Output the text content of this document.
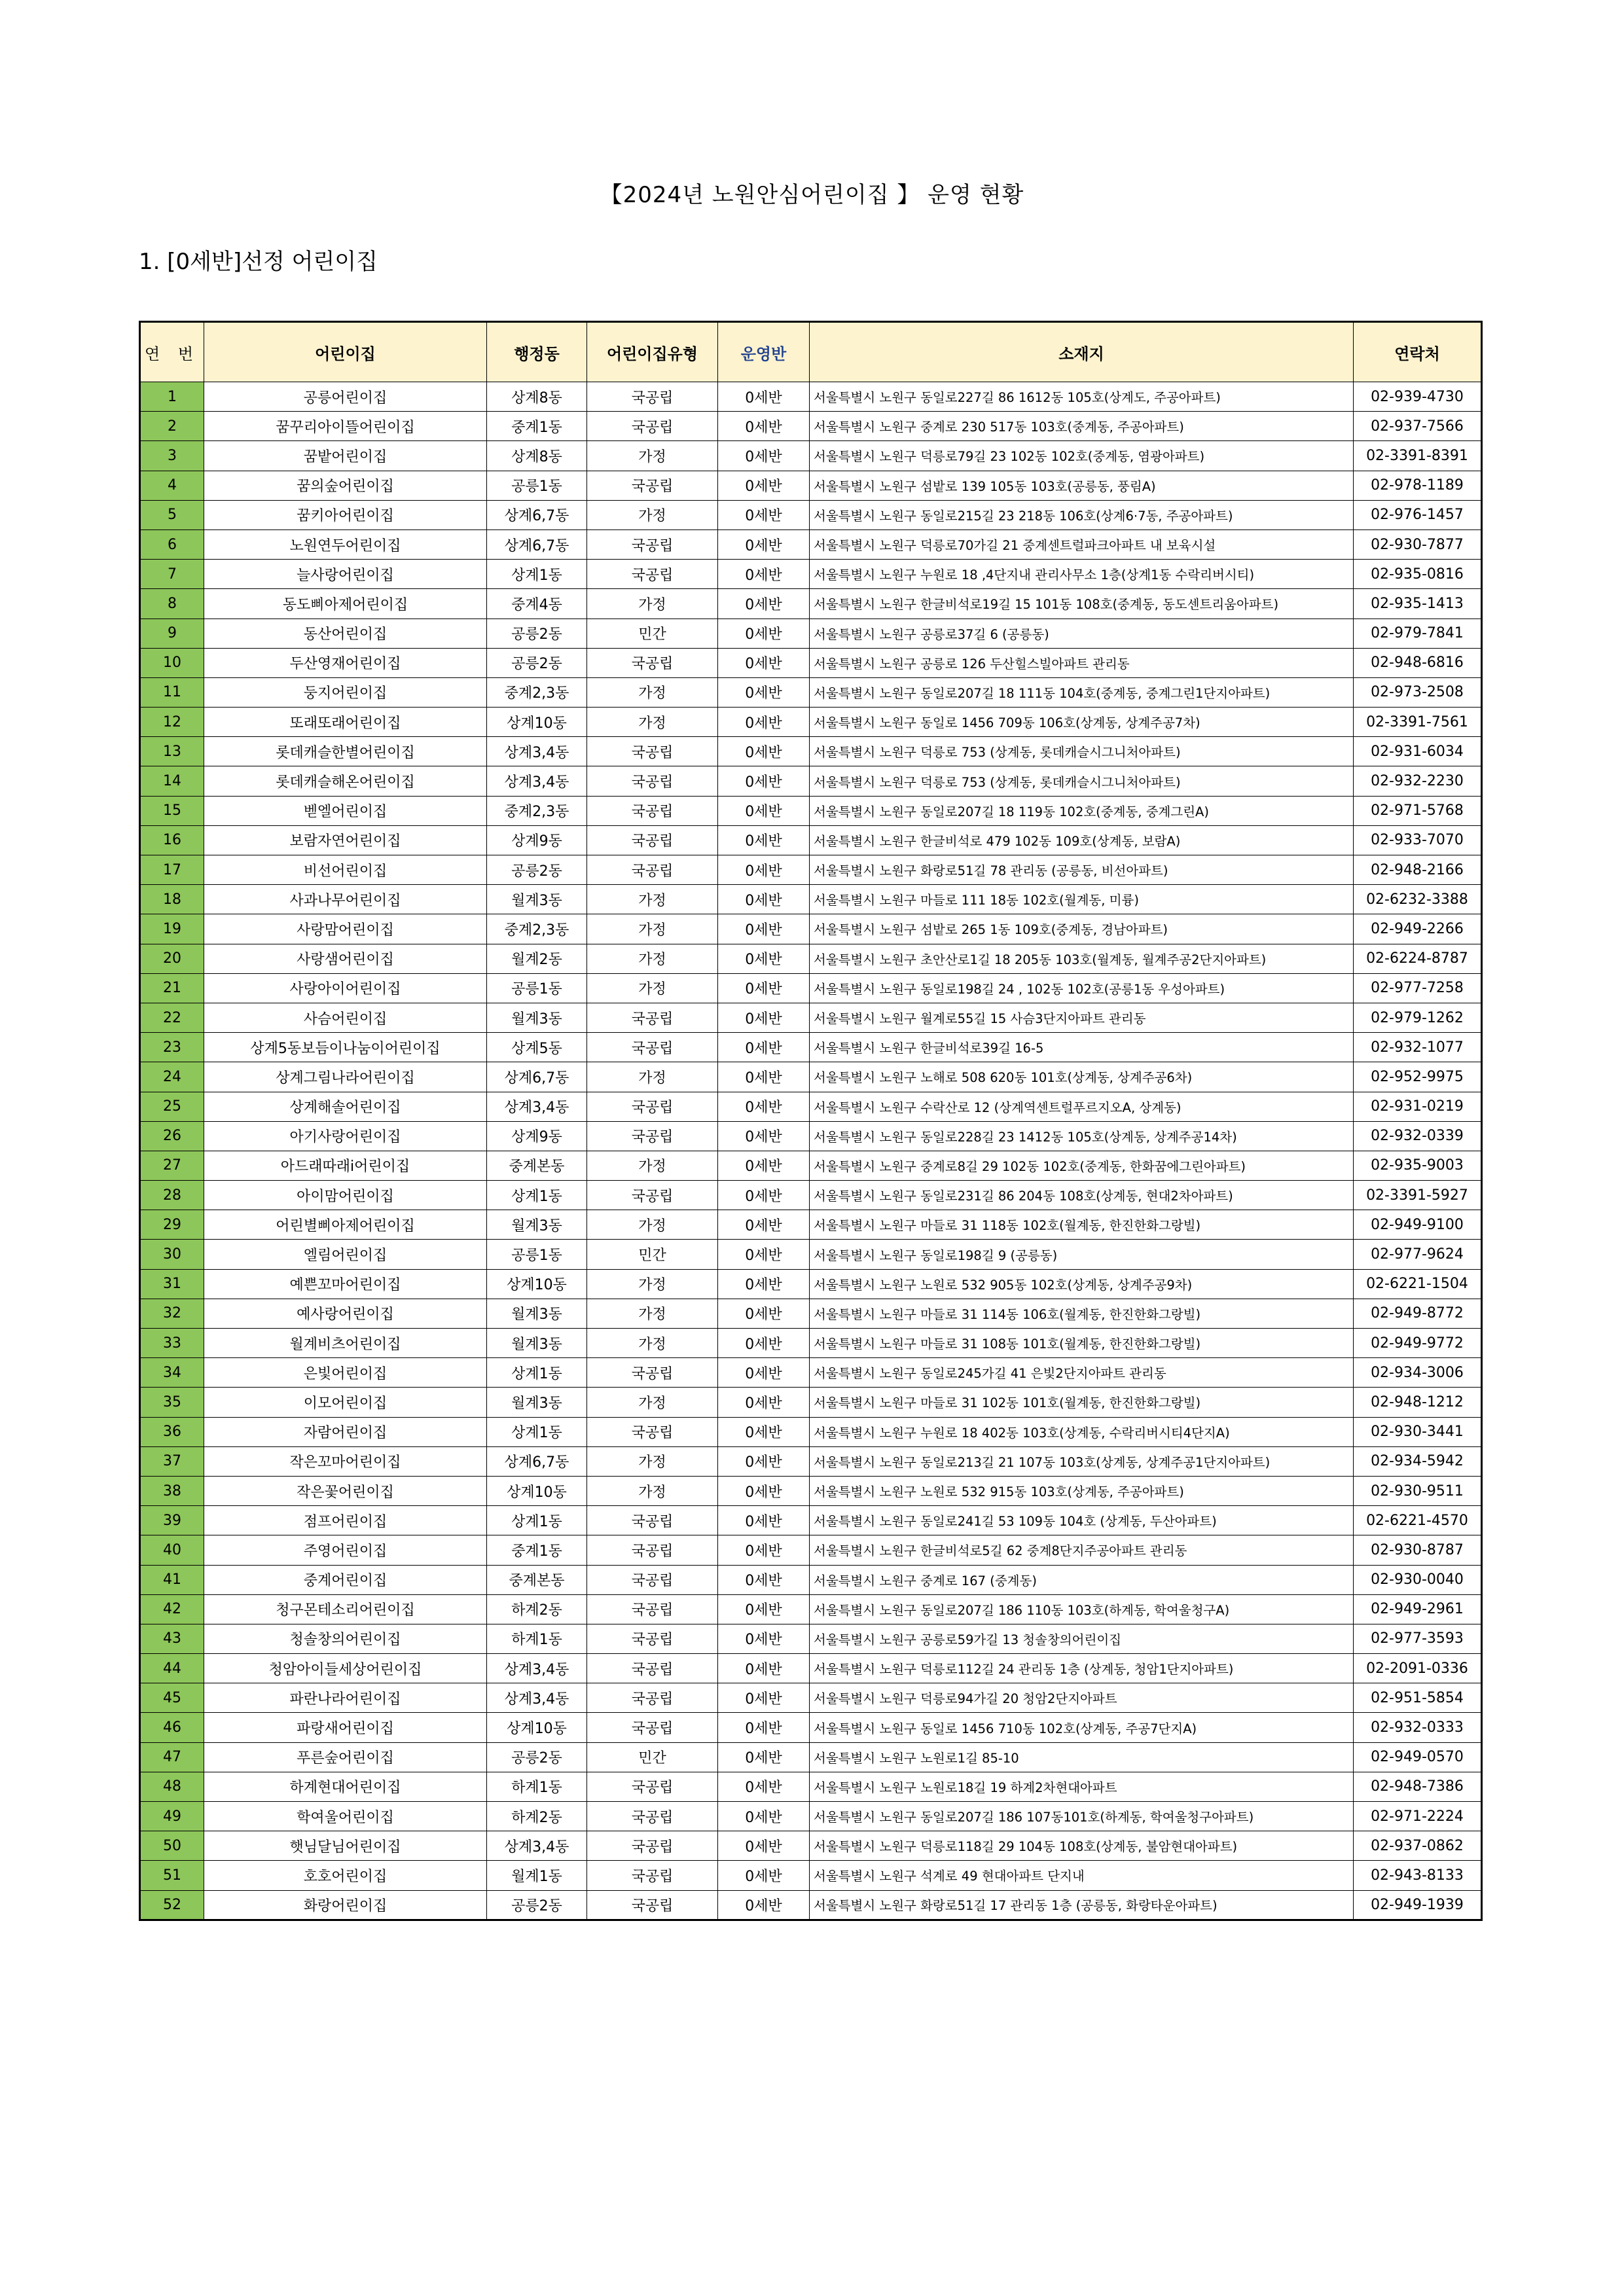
【2024년 노원안심어린이집 】 운영 현황
1. [0세반]선정 어린이집
연 번	어린이집	행정동	어린이집유형	운영반	소재지	연락처
1	공릉어린이집	상계8동	국공립	0세반	서울특별시 노원구 동일로227길 86 1612동 105호(상계도, 주공아파트)	02-939-4730
2	꿈꾸리아이뜰어린이집	중계1동	국공립	0세반	서울특별시 노원구 중계로 230 517동 103호(중계동, 주공아파트)	02-937-7566
3	꿈밭어린이집	상계8동	가정	0세반	서울특별시 노원구 덕릉로79길 23 102동 102호(중계동, 염광아파트)	02-3391-8391
4	꿈의숲어린이집	공릉1동	국공립	0세반	서울특별시 노원구 섬밭로 139 105동 103호(공릉동, 풍림A)	02-978-1189
5	꿈키아어린이집	상계6,7동	가정	0세반	서울특별시 노원구 동일로215길 23 218동 106호(상계6·7동, 주공아파트)	02-976-1457
6	노원연두어린이집	상계6,7동	국공립	0세반	서울특별시 노원구 덕릉로70가길 21 중계센트럴파크아파트 내 보육시설	02-930-7877
7	늘사랑어린이집	상계1동	국공립	0세반	서울특별시 노원구 누원로 18 ,4단지내 관리사무소 1층(상계1동 수락리버시티)	02-935-0816
8	동도삐아제어린이집	중계4동	가정	0세반	서울특별시 노원구 한글비석로19길 15 101동 108호(중계동, 동도센트리움아파트)	02-935-1413
9	동산어린이집	공릉2동	민간	0세반	서울특별시 노원구 공릉로37길 6 (공릉동)	02-979-7841
10	두산영재어린이집	공릉2동	국공립	0세반	서울특별시 노원구 공릉로 126 두산힐스빌아파트 관리동	02-948-6816
11	둥지어린이집	중계2,3동	가정	0세반	서울특별시 노원구 동일로207길 18 111동 104호(중계동, 중계그린1단지아파트)	02-973-2508
12	또래또래어린이집	상계10동	가정	0세반	서울특별시 노원구 동일로 1456 709동 106호(상계동, 상계주공7차)	02-3391-7561
13	롯데캐슬한별어린이집	상계3,4동	국공립	0세반	서울특별시 노원구 덕릉로 753 (상계동, 롯데캐슬시그니처아파트)	02-931-6034
14	롯데캐슬해온어린이집	상계3,4동	국공립	0세반	서울특별시 노원구 덕릉로 753 (상계동, 롯데캐슬시그니처아파트)	02-932-2230
15	벧엘어린이집	중계2,3동	국공립	0세반	서울특별시 노원구 동일로207길 18 119동 102호(중계동, 중계그린A)	02-971-5768
16	보람자연어린이집	상계9동	국공립	0세반	서울특별시 노원구 한글비석로 479 102동 109호(상계동, 보람A)	02-933-7070
17	비선어린이집	공릉2동	국공립	0세반	서울특별시 노원구 화랑로51길 78 관리동 (공릉동, 비선아파트)	02-948-2166
18	사과나무어린이집	월계3동	가정	0세반	서울특별시 노원구 마들로 111 18동 102호(월계동, 미륭)	02-6232-3388
19	사랑맘어린이집	중계2,3동	가정	0세반	서울특별시 노원구 섬밭로 265 1동 109호(중계동, 경남아파트)	02-949-2266
20	사랑샘어린이집	월계2동	가정	0세반	서울특별시 노원구 초안산로1길 18 205동 103호(월계동, 월계주공2단지아파트)	02-6224-8787
21	사랑아이어린이집	공릉1동	가정	0세반	서울특별시 노원구 동일로198길 24 , 102동 102호(공릉1동 우성아파트)	02-977-7258
22	사슴어린이집	월계3동	국공립	0세반	서울특별시 노원구 월계로55길 15 사슴3단지아파트 관리동	02-979-1262
23	상계5동보듬이나눔이어린이집	상계5동	국공립	0세반	서울특별시 노원구 한글비석로39길 16-5	02-932-1077
24	상계그림나라어린이집	상계6,7동	가정	0세반	서울특별시 노원구 노해로 508 620동 101호(상계동, 상계주공6차)	02-952-9975
25	상계해솔어린이집	상계3,4동	국공립	0세반	서울특별시 노원구 수락산로 12 (상계역센트럴푸르지오A, 상계동)	02-931-0219
26	아기사랑어린이집	상계9동	국공립	0세반	서울특별시 노원구 동일로228길 23 1412동 105호(상계동, 상계주공14차)	02-932-0339
27	아드래따래i어린이집	중계본동	가정	0세반	서울특별시 노원구 중계로8길 29 102동 102호(중계동, 한화꿈에그린아파트)	02-935-9003
28	아이맘어린이집	상계1동	국공립	0세반	서울특별시 노원구 동일로231길 86 204동 108호(상계동, 현대2차아파트)	02-3391-5927
29	어린별삐아제어린이집	월계3동	가정	0세반	서울특별시 노원구 마들로 31 118동 102호(월계동, 한진한화그랑빌)	02-949-9100
30	엘림어린이집	공릉1동	민간	0세반	서울특별시 노원구 동일로198길 9 (공릉동)	02-977-9624
31	예쁜꼬마어린이집	상계10동	가정	0세반	서울특별시 노원구 노원로 532 905동 102호(상계동, 상계주공9차)	02-6221-1504
32	예사랑어린이집	월계3동	가정	0세반	서울특별시 노원구 마들로 31 114동 106호(월계동, 한진한화그랑빌)	02-949-8772
33	월계비츠어린이집	월계3동	가정	0세반	서울특별시 노원구 마들로 31 108동 101호(월계동, 한진한화그랑빌)	02-949-9772
34	은빛어린이집	상계1동	국공립	0세반	서울특별시 노원구 동일로245가길 41 은빛2단지아파트 관리동	02-934-3006
35	이모어린이집	월계3동	가정	0세반	서울특별시 노원구 마들로 31 102동 101호(월계동, 한진한화그랑빌)	02-948-1212
36	자람어린이집	상계1동	국공립	0세반	서울특별시 노원구 누원로 18 402동 103호(상계동, 수락리버시티4단지A)	02-930-3441
37	작은꼬마어린이집	상계6,7동	가정	0세반	서울특별시 노원구 동일로213길 21 107동 103호(상계동, 상계주공1단지아파트)	02-934-5942
38	작은꽃어린이집	상계10동	가정	0세반	서울특별시 노원구 노원로 532 915동 103호(상계동, 주공아파트)	02-930-9511
39	점프어린이집	상계1동	국공립	0세반	서울특별시 노원구 동일로241길 53 109동 104호 (상계동, 두산아파트)	02-6221-4570
40	주영어린이집	중계1동	국공립	0세반	서울특별시 노원구 한글비석로5길 62 중계8단지주공아파트 관리동	02-930-8787
41	중계어린이집	중계본동	국공립	0세반	서울특별시 노원구 중계로 167 (중계동)	02-930-0040
42	청구몬테소리어린이집	하계2동	국공립	0세반	서울특별시 노원구 동일로207길 186 110동 103호(하계동, 학여울청구A)	02-949-2961
43	청솔창의어린이집	하계1동	국공립	0세반	서울특별시 노원구 공릉로59가길 13 청솔창의어린이집	02-977-3593
44	청암아이들세상어린이집	상계3,4동	국공립	0세반	서울특별시 노원구 덕릉로112길 24 관리동 1층 (상계동, 청암1단지아파트)	02-2091-0336
45	파란나라어린이집	상계3,4동	국공립	0세반	서울특별시 노원구 덕릉로94가길 20 청암2단지아파트	02-951-5854
46	파랑새어린이집	상계10동	국공립	0세반	서울특별시 노원구 동일로 1456 710동 102호(상계동, 주공7단지A)	02-932-0333
47	푸른숲어린이집	공릉2동	민간	0세반	서울특별시 노원구 노원로1길 85-10	02-949-0570
48	하계현대어린이집	하계1동	국공립	0세반	서울특별시 노원구 노원로18길 19 하계2차현대아파트	02-948-7386
49	학여울어린이집	하계2동	국공립	0세반	서울특별시 노원구 동일로207길 186 107동101호(하계동, 학여울청구아파트)	02-971-2224
50	햇님달님어린이집	상계3,4동	국공립	0세반	서울특별시 노원구 덕릉로118길 29 104동 108호(상계동, 불암현대아파트)	02-937-0862
51	호호어린이집	월계1동	국공립	0세반	서울특별시 노원구 석계로 49 현대아파트 단지내	02-943-8133
52	화랑어린이집	공릉2동	국공립	0세반	서울특별시 노원구 화랑로51길 17 관리동 1층 (공릉동, 화랑타운아파트)	02-949-1939
